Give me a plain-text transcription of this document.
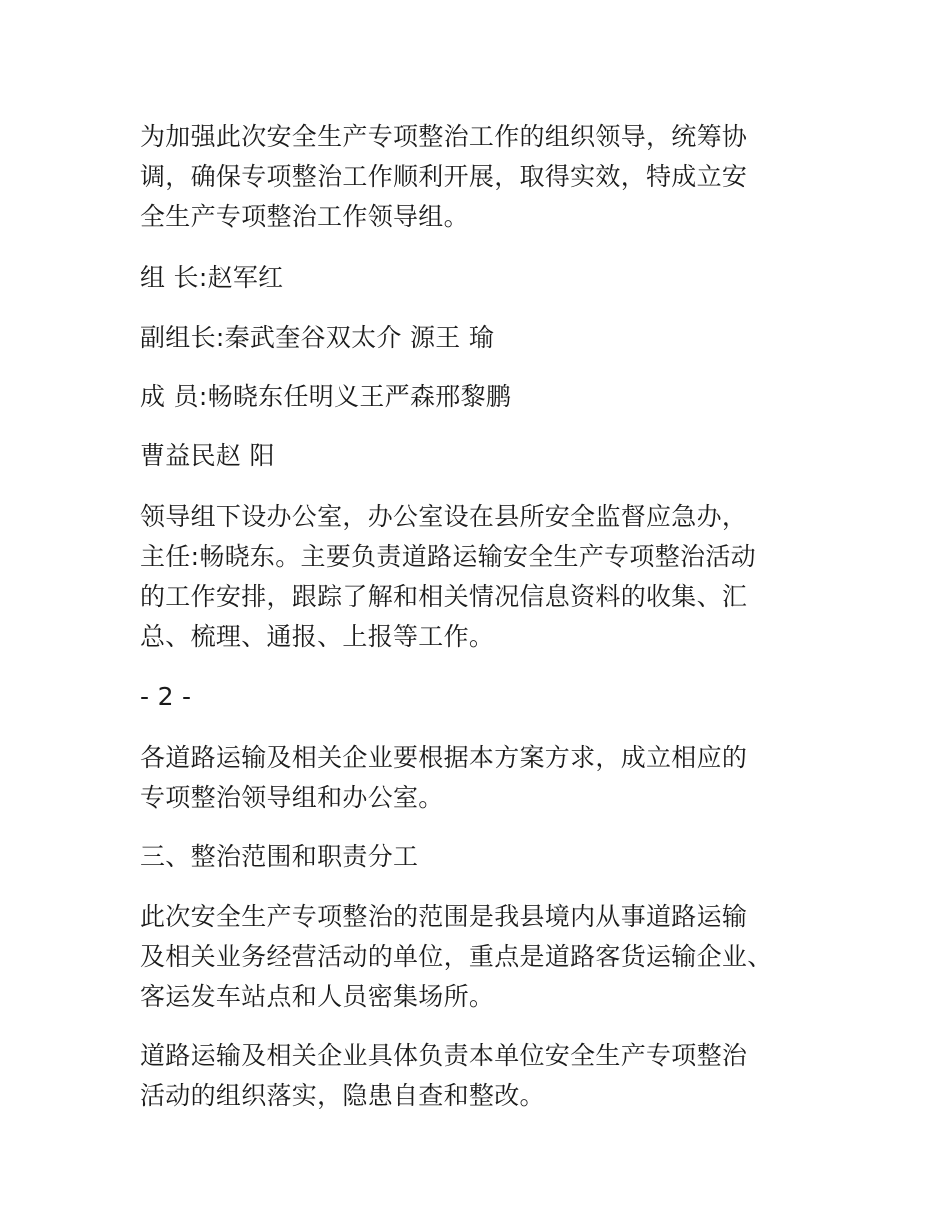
为加强此次安全生产专项整治工作的组织领导，统筹协
调，确保专项整治工作顺利开展，取得实效，特成立安
全生产专项整治工作领导组。
组 长:赵军红
副组长:秦武奎谷双太介 源王 瑜
成 员:畅晓东任明义王严森邢黎鹏
曹益民赵 阳
领导组下设办公室，办公室设在县所安全监督应急办，
主任:畅晓东。主要负责道路运输安全生产专项整治活动
的工作安排，跟踪了解和相关情况信息资料的收集、汇
总、梳理、通报、上报等工作。
- 2 -
各道路运输及相关企业要根据本方案方求，成立相应的
专项整治领导组和办公室。
三、整治范围和职责分工
此次安全生产专项整治的范围是我县境内从事道路运输
及相关业务经营活动的单位，重点是道路客货运输企业、
客运发车站点和人员密集场所。
道路运输及相关企业具体负责本单位安全生产专项整治
活动的组织落实，隐患自查和整改。
